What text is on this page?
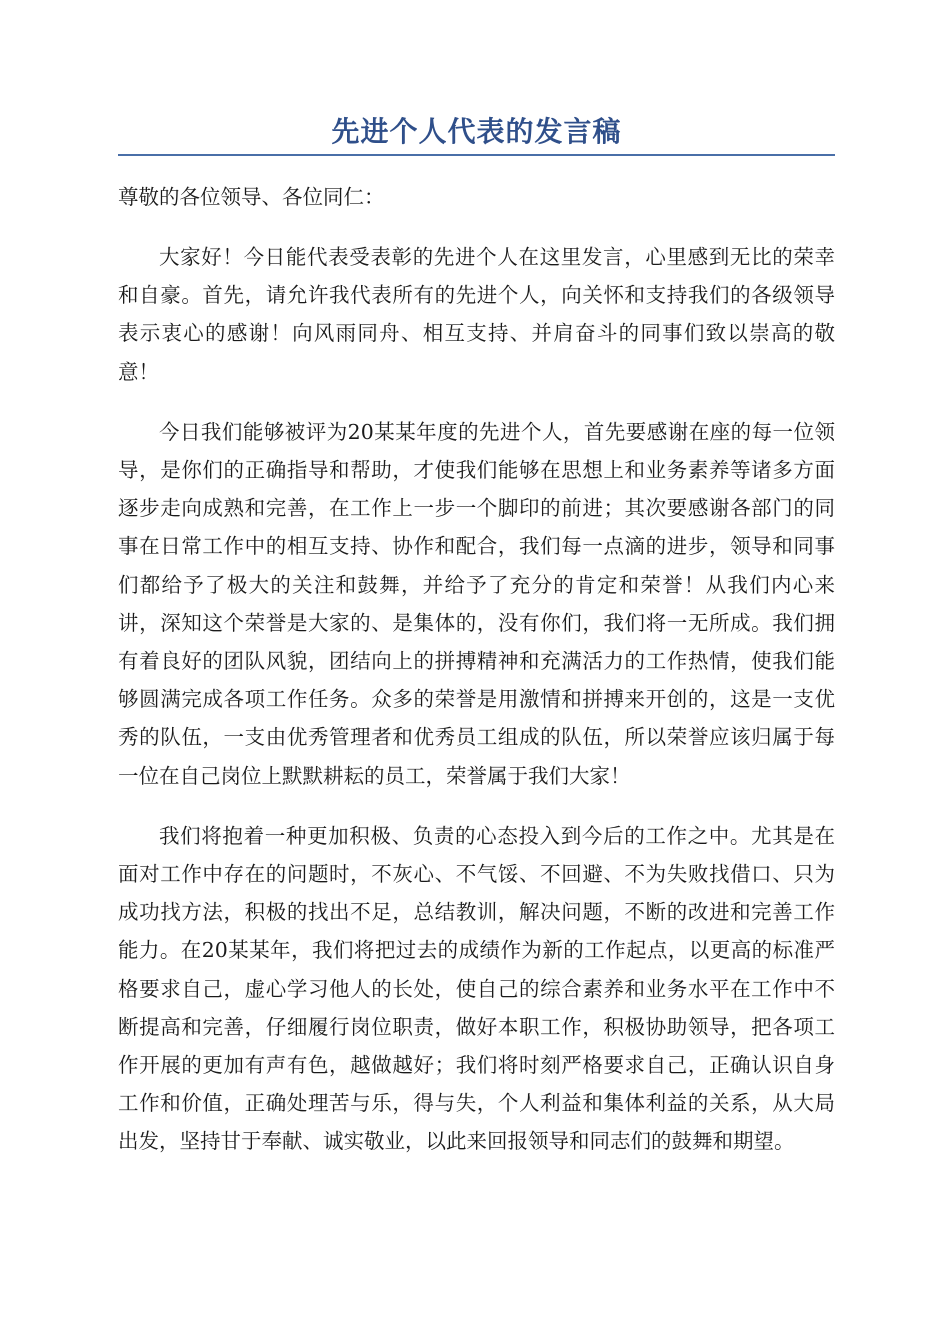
先进个人代表的发言稿

尊敬的各位领导、各位同仁：

大家好！今日能代表受表彰的先进个人在这里发言，心里感到无比的荣幸和自豪。首先，请允许我代表所有的先进个人，向关怀和支持我们的各级领导表示衷心的感谢！向风雨同舟、相互支持、并肩奋斗的同事们致以崇高的敬意！

今日我们能够被评为20某某年度的先进个人，首先要感谢在座的每一位领导，是你们的正确指导和帮助，才使我们能够在思想上和业务素养等诸多方面逐步走向成熟和完善，在工作上一步一个脚印的前进；其次要感谢各部门的同事在日常工作中的相互支持、协作和配合，我们每一点滴的进步，领导和同事们都给予了极大的关注和鼓舞，并给予了充分的肯定和荣誉！从我们内心来讲，深知这个荣誉是大家的、是集体的，没有你们，我们将一无所成。我们拥有着良好的团队风貌，团结向上的拼搏精神和充满活力的工作热情，使我们能够圆满完成各项工作任务。众多的荣誉是用激情和拼搏来开创的，这是一支优秀的队伍，一支由优秀管理者和优秀员工组成的队伍，所以荣誉应该归属于每一位在自己岗位上默默耕耘的员工，荣誉属于我们大家！

我们将抱着一种更加积极、负责的心态投入到今后的工作之中。尤其是在面对工作中存在的问题时，不灰心、不气馁、不回避、不为失败找借口、只为成功找方法，积极的找出不足，总结教训，解决问题，不断的改进和完善工作能力。在20某某年，我们将把过去的成绩作为新的工作起点，以更高的标准严格要求自己，虚心学习他人的长处，使自己的综合素养和业务水平在工作中不断提高和完善，仔细履行岗位职责，做好本职工作，积极协助领导，把各项工作开展的更加有声有色，越做越好；我们将时刻严格要求自己，正确认识自身工作和价值，正确处理苦与乐，得与失，个人利益和集体利益的关系，从大局出发，坚持甘于奉献、诚实敬业，以此来回报领导和同志们的鼓舞和期望。
